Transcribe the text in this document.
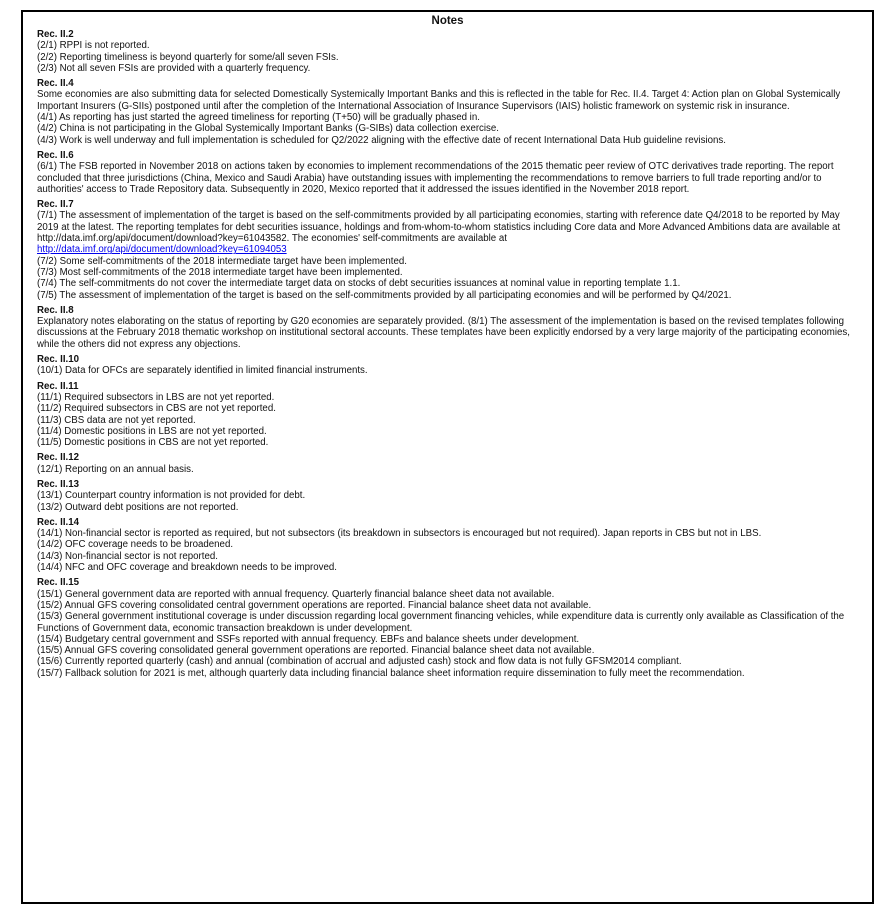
Notes
Rec. II.2
(2/1) RPPI is not reported.
(2/2) Reporting timeliness is beyond quarterly for some/all seven FSIs.
(2/3) Not all seven FSIs are provided with a quarterly frequency.
Rec. II.4
Some economies are also submitting data for selected Domestically Systemically Important Banks and this is reflected in the table for Rec. II.4. Target 4: Action plan on Global Systemically Important Insurers (G-SIIs) postponed until after the completion of the International Association of Insurance Supervisors (IAIS) holistic framework on systemic risk in insurance.
(4/1) As reporting has just started the agreed timeliness for reporting (T+50) will be gradually phased in.
(4/2) China is not participating in the Global Systemically Important Banks (G-SIBs) data collection exercise.
(4/3) Work is well underway and full implementation is scheduled for Q2/2022 aligning with the effective date of recent International Data Hub guideline revisions.
Rec. II.6
(6/1) The FSB reported in November 2018 on actions taken by economies to implement recommendations of the 2015 thematic peer review of OTC derivatives trade reporting. The report concluded that three jurisdictions (China, Mexico and Saudi Arabia) have outstanding issues with implementing the recommendations to remove barriers to full trade reporting and/or to authorities' access to Trade Repository data. Subsequently in 2020, Mexico reported that it addressed the issues identified in the November 2018 report.
Rec. II.7
(7/1) The assessment of implementation of the target is based on the self-commitments provided by all participating economies, starting with reference date Q4/2018 to be reported by May 2019 at the latest. The reporting templates for debt securities issuance, holdings and from-whom-to-whom statistics including Core data and More Advanced Ambitions data are available at http://data.imf.org/api/document/download?key=61043582. The economies' self-commitments are available at
http://data.imf.org/api/document/download?key=61094053
(7/2) Some self-commitments of the 2018 intermediate target have been implemented.
(7/3) Most self-commitments of the 2018 intermediate target have been implemented.
(7/4) The self-commitments do not cover the intermediate target data on stocks of debt securities issuances at nominal value in reporting template 1.1.
(7/5) The assessment of implementation of the target is based on the self-commitments provided by all participating economies and will be performed by Q4/2021.
Rec. II.8
Explanatory notes elaborating on the status of reporting by G20 economies are separately provided. (8/1) The assessment of the implementation is based on the revised templates following discussions at the February 2018 thematic workshop on institutional sectoral accounts. These templates have been explicitly endorsed by a very large majority of the participating economies, while the others did not express any objections.
Rec. II.10
(10/1) Data for OFCs are separately identified in limited financial instruments.
Rec. II.11
(11/1) Required subsectors in LBS are not yet reported.
(11/2) Required subsectors in CBS are not yet reported.
(11/3) CBS data are not yet reported.
(11/4) Domestic positions in LBS are not yet reported.
(11/5) Domestic positions in CBS are not yet reported.
Rec. II.12
(12/1) Reporting on an annual basis.
Rec. II.13
(13/1) Counterpart country information is not provided for debt.
(13/2) Outward debt positions are not reported.
Rec. II.14
(14/1) Non-financial sector is reported as required, but not subsectors (its breakdown in subsectors is encouraged but not required). Japan reports in CBS but not in LBS.
(14/2) OFC coverage needs to be broadened.
(14/3) Non-financial sector is not reported.
(14/4) NFC and OFC coverage and breakdown needs to be improved.
Rec. II.15
(15/1) General government data are reported with annual frequency. Quarterly financial balance sheet data not available.
(15/2) Annual GFS covering consolidated central government operations are reported. Financial balance sheet data not available.
(15/3) General government institutional coverage is under discussion regarding local government financing vehicles, while expenditure data is currently only available as Classification of the Functions of Government data, economic transaction breakdown is under development.
(15/4) Budgetary central government and SSFs reported with annual frequency. EBFs and balance sheets under development.
(15/5) Annual GFS covering consolidated general government operations are reported. Financial balance sheet data not available.
(15/6) Currently reported quarterly (cash) and annual (combination of accrual and adjusted cash) stock and flow data is not fully GFSM2014 compliant.
(15/7) Fallback solution for 2021 is met, although quarterly data including financial balance sheet information require dissemination to fully meet the recommendation.
